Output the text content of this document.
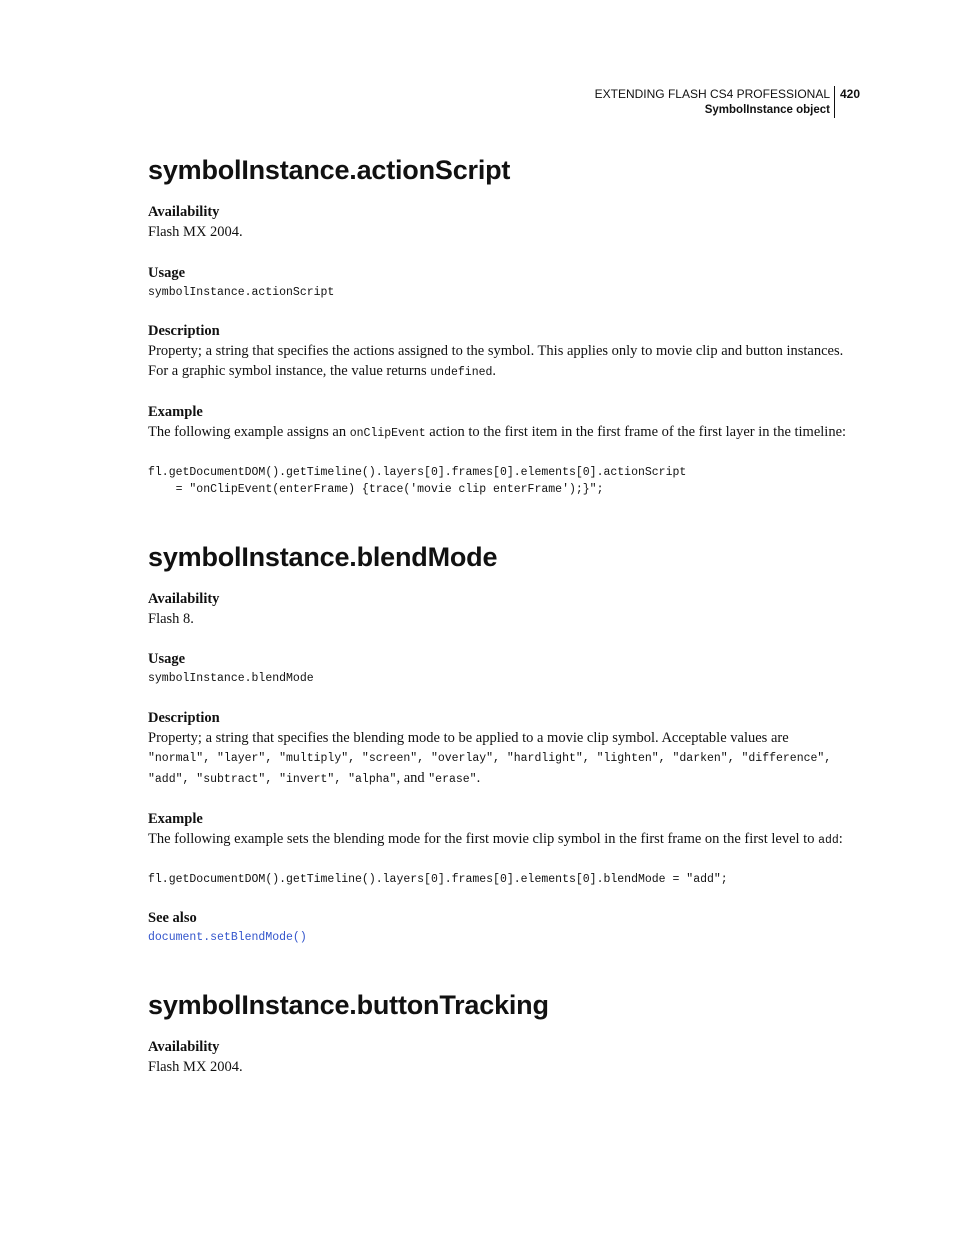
EXTENDING FLASH CS4 PROFESSIONAL
SymbolInstance object
420
symbolInstance.actionScript

Availability

Flash MX 2004.

Usage

symbolInstance.actionScript

Description

Property; a string that specifies the actions assigned to the symbol. This applies only to movie clip and button instances. For a graphic symbol instance, the value returns undefined.

Example

The following example assigns an onClipEvent action to the first item in the first frame of the first layer in the timeline:

fl.getDocumentDOM().getTimeline().layers[0].frames[0].elements[0].actionScript
= "onClipEvent(enterFrame) {trace('movie clip enterFrame');}";
symbolInstance.blendMode

Availability

Flash 8.

Usage

symbolInstance.blendMode

Description

Property; a string that specifies the blending mode to be applied to a movie clip symbol. Acceptable values are "normal", "layer", "multiply", "screen", "overlay", "hardlight", "lighten", "darken", "difference", "add", "subtract", "invert", "alpha", and "erase".

Example

The following example sets the blending mode for the first movie clip symbol in the first frame on the first level to add:

fl.getDocumentDOM().getTimeline().layers[0].frames[0].elements[0].blendMode = "add";

See also

document.setBlendMode()
symbolInstance.buttonTracking

Availability

Flash MX 2004.
